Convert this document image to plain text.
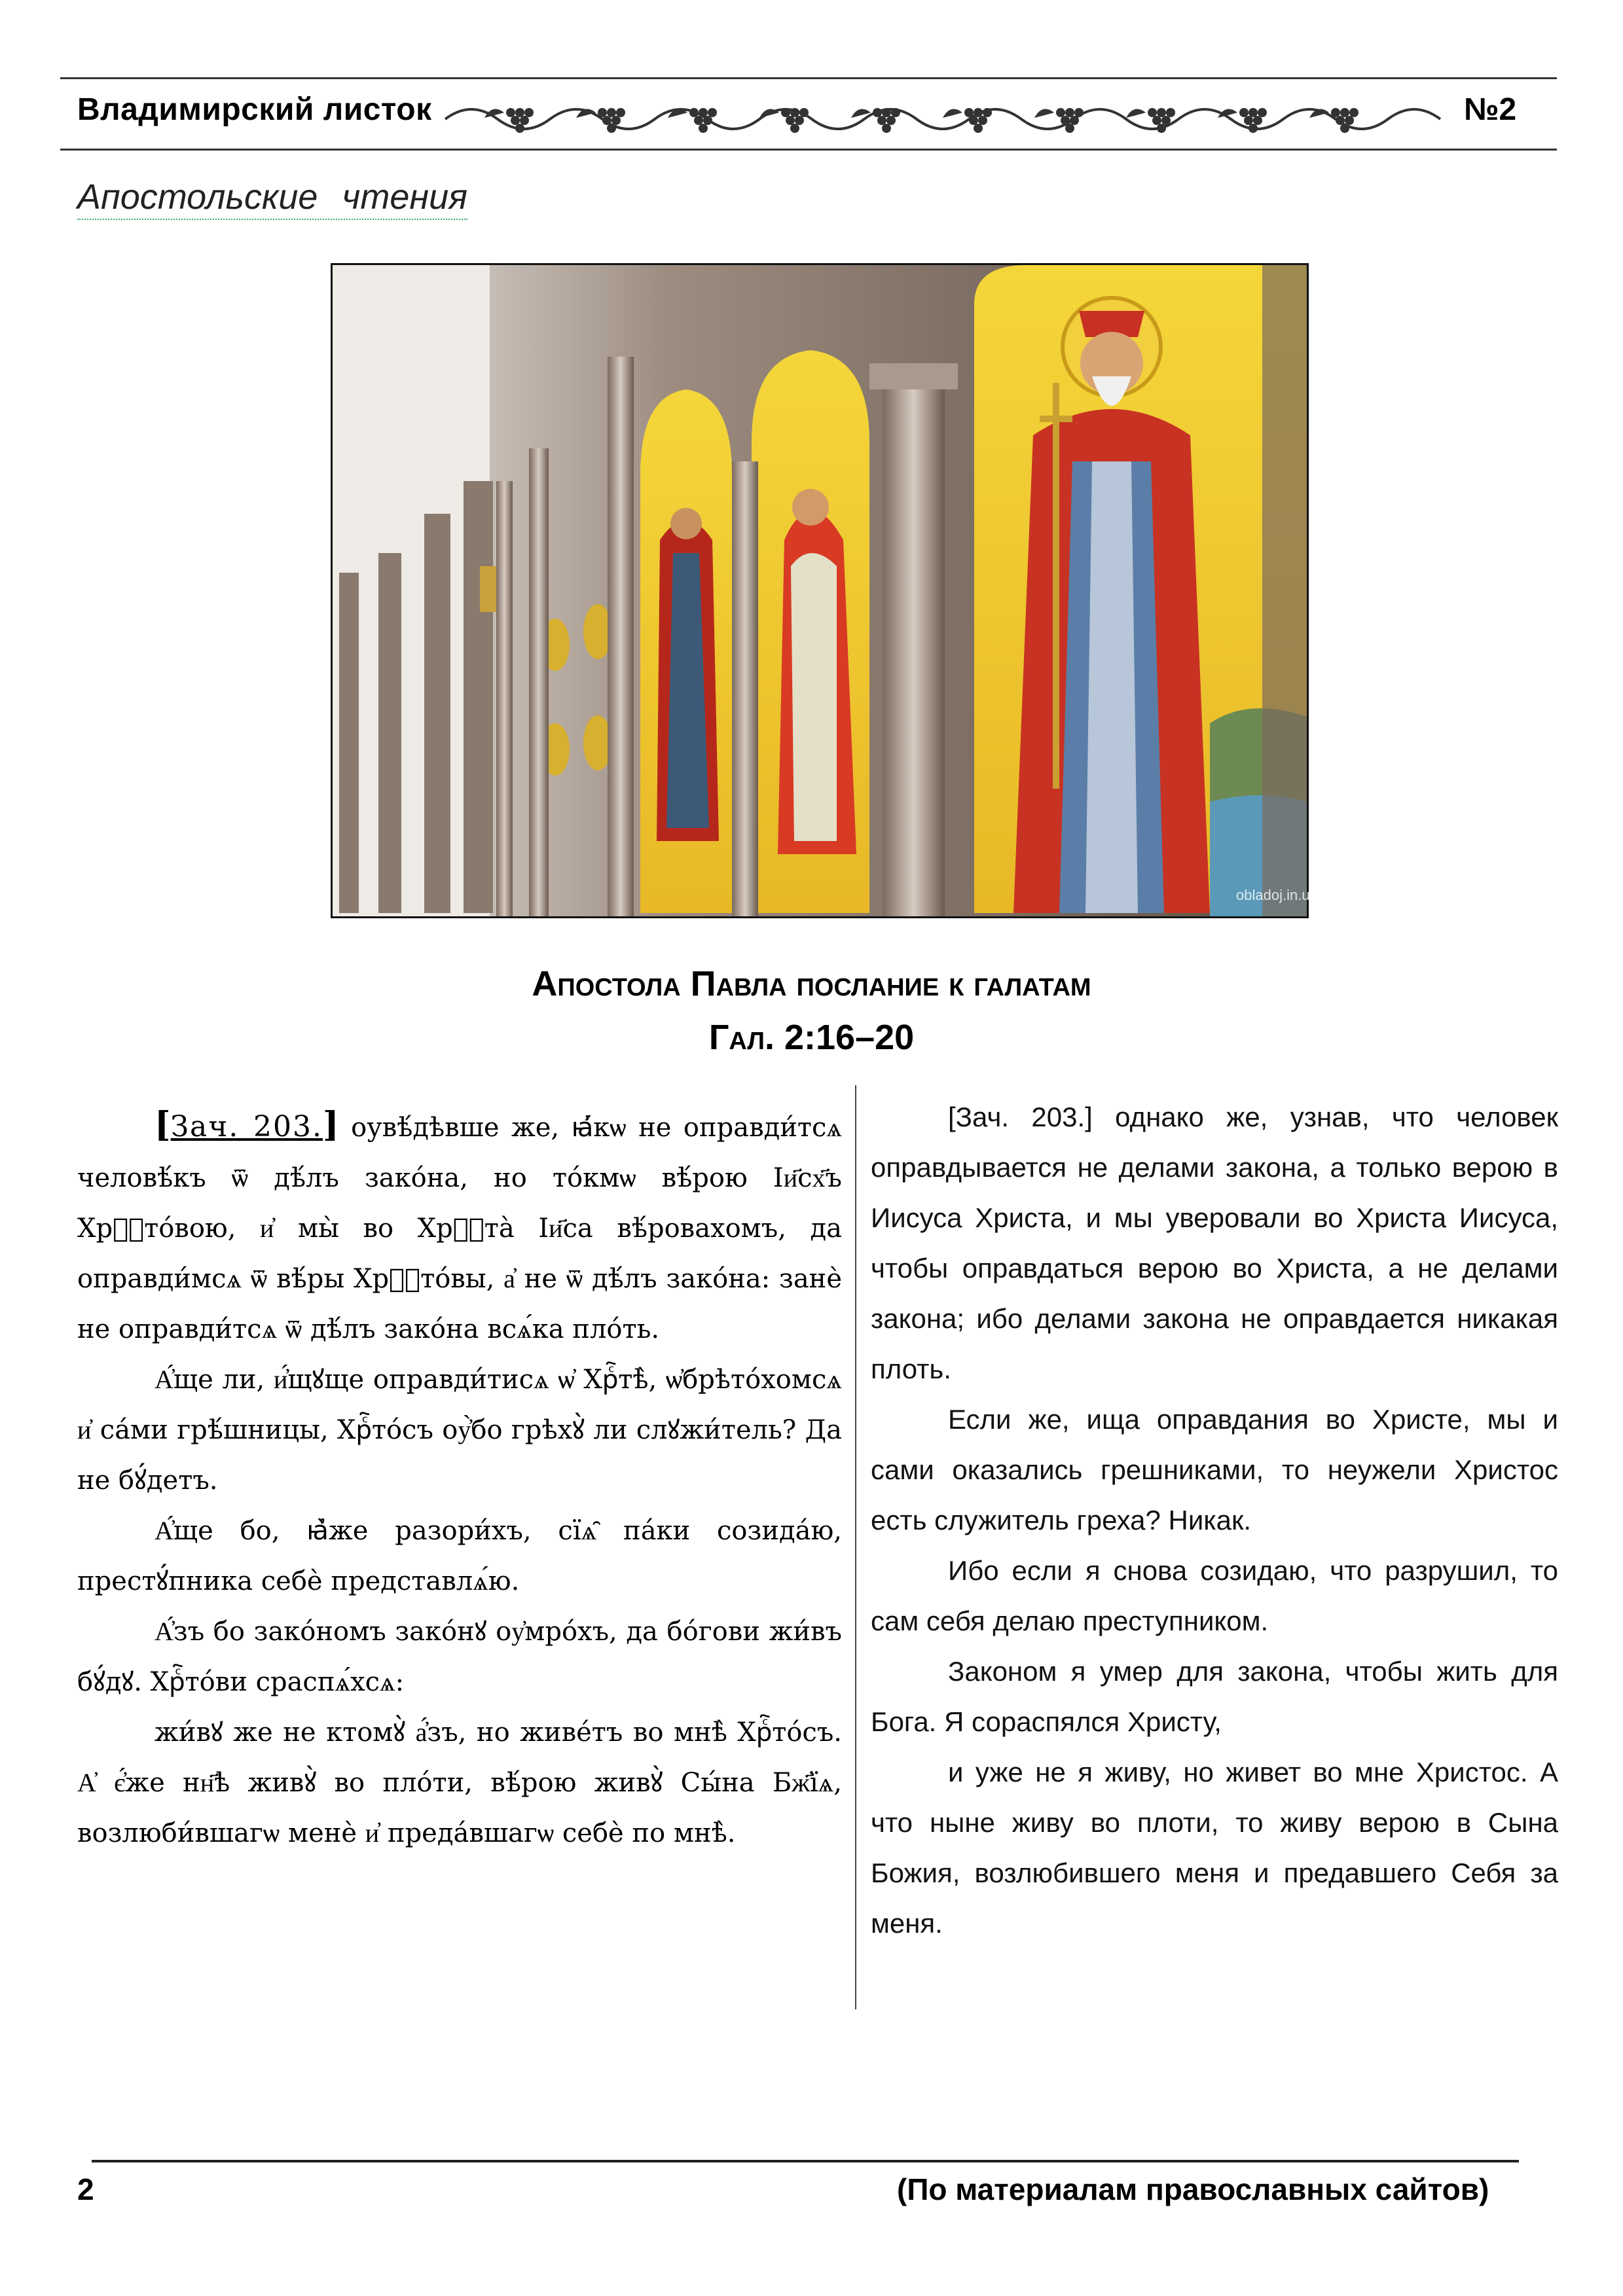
Владимирский листок	№2
Апостольские чтения
obladoj.in.ua
Апостола Павла послание к галатам
Гал. 2:16–20

[Зач. 203.] оувѣ́дѣвше же, ꙗ҆́кѡ не оправди́тсѧ человѣ́къ ѿ дѣ́лъ зако́на, но то́кмѡ вѣ́рою Іи҃сх҃ъ Хрⷭ҇то́вою, и҆ мы̀ во Хрⷭ҇та̀ Іи҃са вѣ́ровахомъ, да оправди́мсѧ ѿ вѣ́ры Хрⷭ҇то́вы, а҆ не ѿ дѣ́лъ зако́на: занѐ не оправди́тсѧ ѿ дѣ́лъ зако́на всѧ́ка пло́ть.

А҆́ще ли, и҆́щꙋще оправди́тисѧ ѡ҆ Хрⷭ҇тѣ̀, ѡ҆брѣто́хомсѧ и҆ са́ми грѣ́шницы, Хрⷭ҇то́съ оу҆̀бо грѣхꙋ̀ ли слꙋжи́тель? Да не бꙋ́детъ.

А҆́ще бо, ꙗ҆̀же разори́хъ, сїѧ̑ па́ки созида́ю, престꙋ́пника себѐ представлѧ́ю.

А҆́зъ бо зако́номъ зако́нꙋ оу҆мро́хъ, да бо́гови жи́въ бꙋ́дꙋ. Хрⷭ҇то́ви сраспѧ́хсѧ:

жи́вꙋ же не ктомꙋ̀ а҆́зъ, но живе́тъ во мнѣ̀ Хрⷭ҇то́съ. А҆ є҆́же нн҃ѣ живꙋ̀ во пло́ти, вѣ́рою живꙋ̀ Сы́на Бж҃їѧ, возлюби́вшагѡ менѐ и҆ преда́вшагѡ себѐ по мнѣ̀.

[Зач. 203.] однако же, узнав, что человек оправдывается не делами закона, а только верою в Иисуса Христа, и мы уверовали во Христа Иисуса, чтобы оправдаться верою во Христа, а не делами закона; ибо делами закона не оправдается никакая плоть.

Если же, ища оправдания во Христе, мы и сами оказались грешниками, то неужели Христос есть служитель греха? Никак.

Ибо если я снова созидаю, что разрушил, то сам себя делаю преступником.

Законом я умер для закона, чтобы жить для Бога. Я сораспялся Христу,

и уже не я живу, но живет во мне Христос. А что ныне живу во плоти, то живу верою в Сына Божия, возлюбившего меня и предавшего Себя за меня.

2	(По материалам православных сайтов)
